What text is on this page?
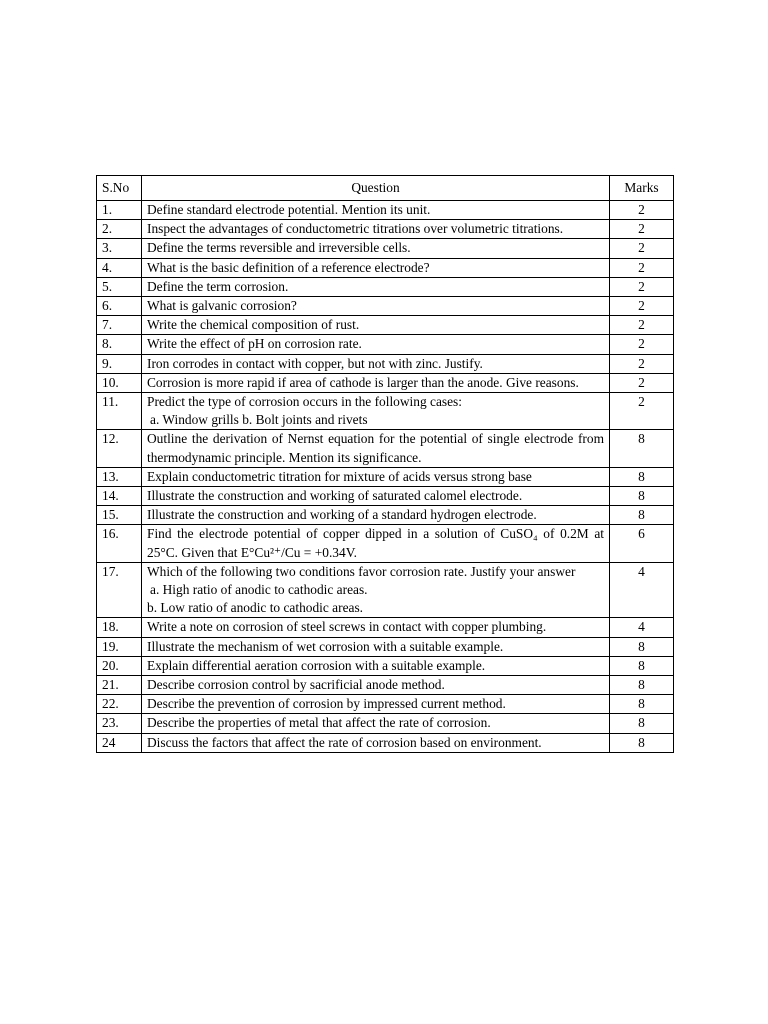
S.No	Question	Marks
1.	Define standard electrode potential. Mention its unit.	2
2.	Inspect the advantages of conductometric titrations over volumetric titrations.	2
3.	Define the terms reversible and irreversible cells.	2
4.	What is the basic definition of a reference electrode?	2
5.	Define the term corrosion.	2
6.	What is galvanic corrosion?	2
7.	Write the chemical composition of rust.	2
8.	Write the effect of pH on corrosion rate.	2
9.	Iron corrodes in contact with copper, but not with zinc. Justify.	2
10.	Corrosion is more rapid if area of cathode is larger than the anode. Give reasons.	2
11.	Predict the type of corrosion occurs in the following cases:
a. Window grills b. Bolt joints and rivets	2
12.	Outline the derivation of Nernst equation for the potential of single electrode from thermodynamic principle. Mention its significance.	8
13.	Explain conductometric titration for mixture of acids versus strong base	8
14.	Illustrate the construction and working of saturated calomel electrode.	8
15.	Illustrate the construction and working of a standard hydrogen electrode.	8
16.	Find the electrode potential of copper dipped in a solution of CuSO₄ of 0.2M at 25°C. Given that E°Cu²⁺/Cu = +0.34V.	6
17.	Which of the following two conditions favor corrosion rate. Justify your answer
a. High ratio of anodic to cathodic areas.
b. Low ratio of anodic to cathodic areas.	4
18.	Write a note on corrosion of steel screws in contact with copper plumbing.	4
19.	Illustrate the mechanism of wet corrosion with a suitable example.	8
20.	Explain differential aeration corrosion with a suitable example.	8
21.	Describe corrosion control by sacrificial anode method.	8
22.	Describe the prevention of corrosion by impressed current method.	8
23.	Describe the properties of metal that affect the rate of corrosion.	8
24	Discuss the factors that affect the rate of corrosion based on environment.	8
